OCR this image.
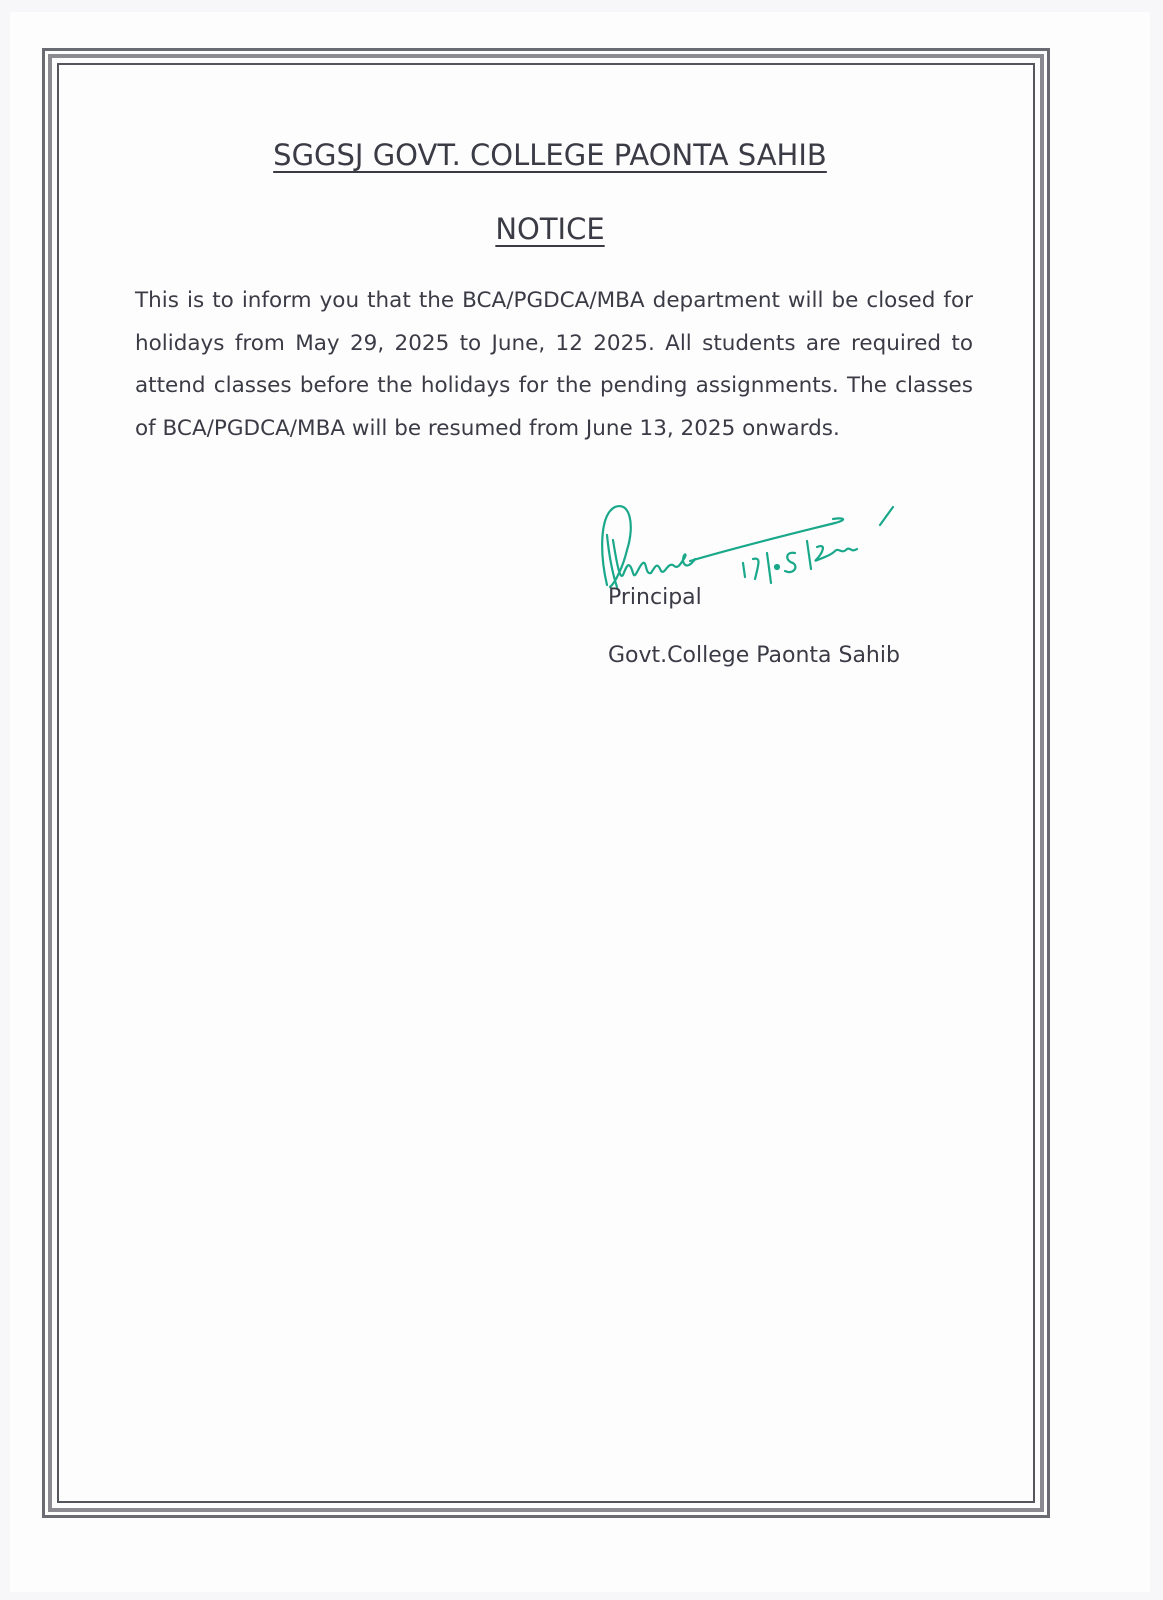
SGGSJ GOVT. COLLEGE PAONTA SAHIB
NOTICE
This is to inform you that the BCA/PGDCA/MBA department will be closed for holidays from May 29, 2025 to June, 12 2025. All students are required to attend classes before the holidays for the pending assignments. The classes of BCA/PGDCA/MBA will be resumed from June 13, 2025 onwards.
Principal
Govt.College Paonta Sahib
